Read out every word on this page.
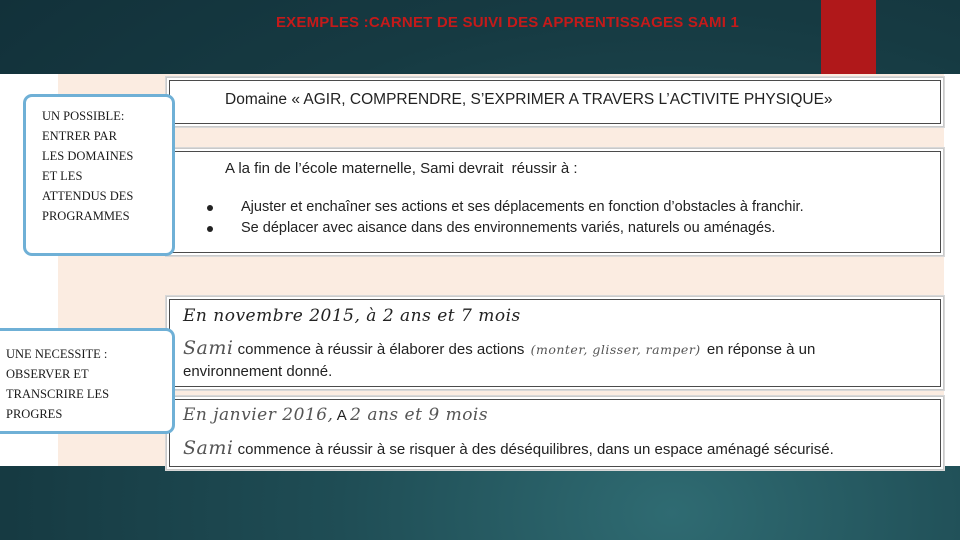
EXEMPLES :CARNET DE SUIVI DES APPRENTISSAGES SAMI 1
Domaine « AGIR, COMPRENDRE, S’EXPRIMER A TRAVERS L’ACTIVITE PHYSIQUE»
A la fin de l’école maternelle, Sami devrait réussir à :
Ajuster et enchaîner ses actions et ses déplacements en fonction d’obstacles à franchir.
Se déplacer avec aisance dans des environnements variés, naturels ou aménagés.
En novembre 2015, à 2 ans et 7 mois
Sami commence à réussir à élaborer des actions (monter, glisser, ramper) en réponse à un
environnement donné.
En janvier 2016, A 2 ans et 9 mois
Sami commence à réussir à se risquer à des déséquilibres, dans un espace aménagé sécurisé.
UN POSSIBLE:
ENTRER PAR
LES DOMAINES
ET LES
ATTENDUS DES
PROGRAMMES
UNE NECESSITE :
OBSERVER ET
TRANSCRIRE LES
PROGRES
